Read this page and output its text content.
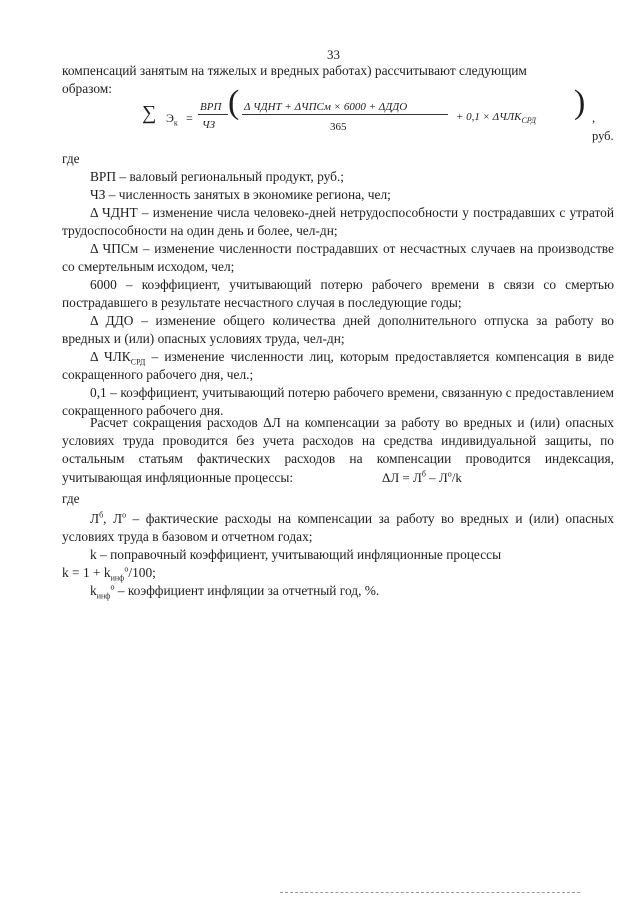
33
компенсаций занятым на тяжелых и вредных работах) рассчитывают следующим
образом:
∑ $Э_к$ =
ВРП
ЧЗ
( Δ ЧДНТ + ΔЧПСм × 6000 + ΔДДО
365
+ $0,1 \times \Delta ЧЛК_{СРД}$ ) , руб.
где
ВРП – валовый региональный продукт, руб.;
ЧЗ – численность занятых в экономике региона, чел;
Δ ЧДНТ – изменение числа человеко-дней нетрудоспособности у пострадавших с утратой трудоспособности на один день и более, чел-дн;
Δ ЧПСм – изменение численности пострадавших от несчастных случаев на производстве со смертельным исходом, чел;
6000 – коэффициент, учитывающий потерю рабочего времени в связи со смертью пострадавшего в результате несчастного случая в последующие годы;
Δ ДДО – изменение общего количества дней дополнительного отпуска за работу во вредных и (или) опасных условиях труда, чел-дн;
Δ $ЧЛК_{СРД}$ – изменение численности лиц, которым предоставляется компенсация в виде сокращенного рабочего дня, чел.;
0,1 – коэффициент, учитывающий потерю рабочего времени, связанную с предоставлением сокращенного рабочего дня.
Расчет сокращения расходов ΔЛ на компенсации за работу во вредных и (или) опасных условиях труда проводится без учета расходов на средства индивидуальной защиты, по остальным статьям фактических расходов на компенсации проводится индексация, учитывающая инфляционные процессы:	$\Delta Л = Л^б - Л^о/k$
где
$Л^б$, $Л^о$ – фактические расходы на компенсации за работу во вредных и (или) опасных условиях труда в базовом и отчетном годах;
k – поправочный коэффициент, учитывающий инфляционные процессы
$k = 1 + k_{инф}^о/100$;
$k_{инф}^о$ – коэффициент инфляции за отчетный год, %.
